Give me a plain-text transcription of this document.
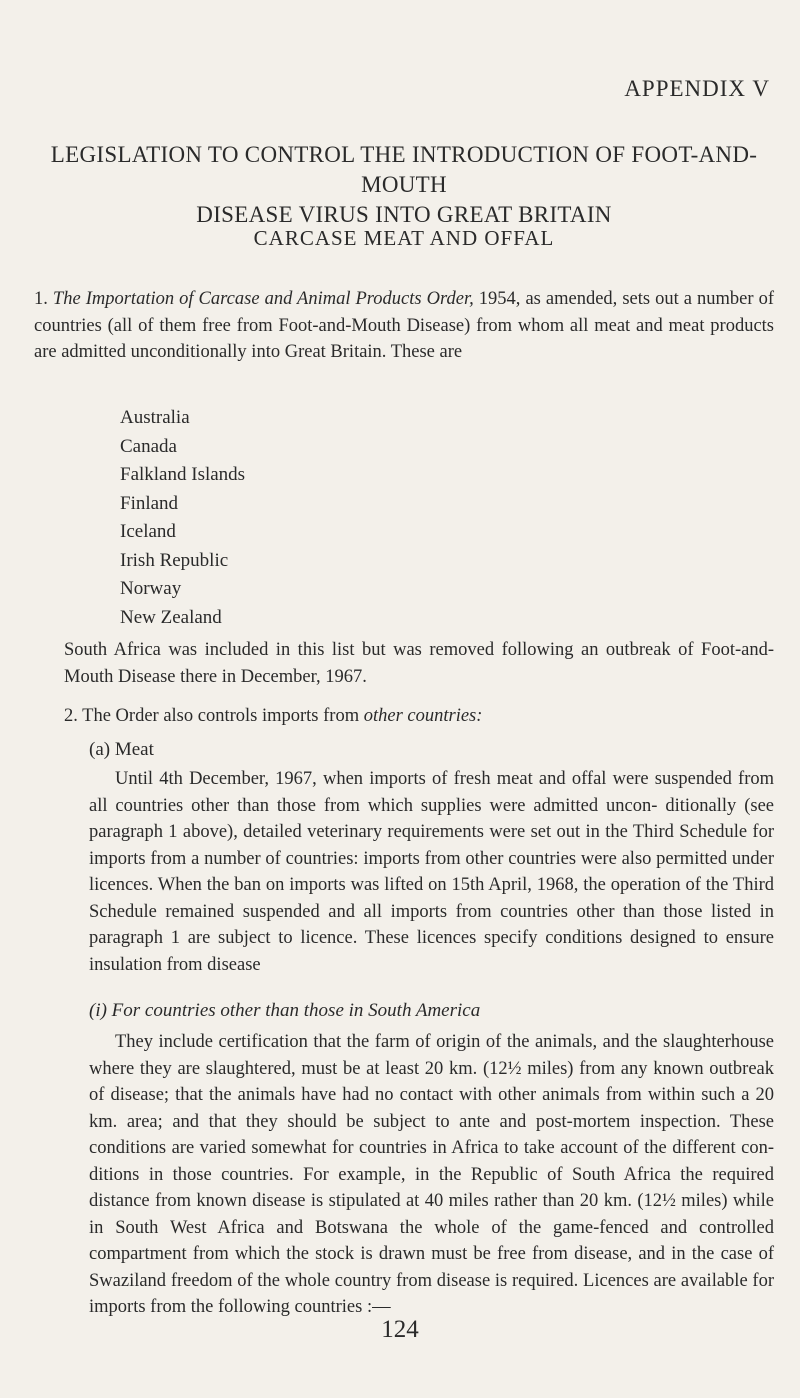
APPENDIX V
LEGISLATION TO CONTROL THE INTRODUCTION OF FOOT-AND-MOUTH
DISEASE VIRUS INTO GREAT BRITAIN
CARCASE MEAT AND OFFAL
1. The Importation of Carcase and Animal Products Order, 1954, as amended, sets out a number of countries (all of them free from Foot-and-Mouth Disease) from whom all meat and meat products are admitted unconditionally into Great Britain. These are
Australia
Canada
Falkland Islands
Finland
Iceland
Irish Republic
Norway
New Zealand
South Africa was included in this list but was removed following an outbreak of Foot-and-Mouth Disease there in December, 1967.
2. The Order also controls imports from other countries:
(a) Meat
Until 4th December, 1967, when imports of fresh meat and offal were suspended from all countries other than those from which supplies were admitted uncon- ditionally (see paragraph 1 above), detailed veterinary requirements were set out in the Third Schedule for imports from a number of countries: imports from other countries were also permitted under licences. When the ban on imports was lifted on 15th April, 1968, the operation of the Third Schedule remained suspended and all imports from countries other than those listed in paragraph 1 are subject to licence. These licences specify conditions designed to ensure insulation from disease
(i) For countries other than those in South America
They include certification that the farm of origin of the animals, and the slaughterhouse where they are slaughtered, must be at least 20 km. (12½ miles) from any known outbreak of disease; that the animals have had no contact with other animals from within such a 20 km. area; and that they should be subject to ante and post-mortem inspection. These conditions are varied somewhat for countries in Africa to take account of the different con- ditions in those countries. For example, in the Republic of South Africa the required distance from known disease is stipulated at 40 miles rather than 20 km. (12½ miles) while in South West Africa and Botswana the whole of the game-fenced and controlled compartment from which the stock is drawn must be free from disease, and in the case of Swaziland freedom of the whole country from disease is required. Licences are available for imports from the following countries :—
124
